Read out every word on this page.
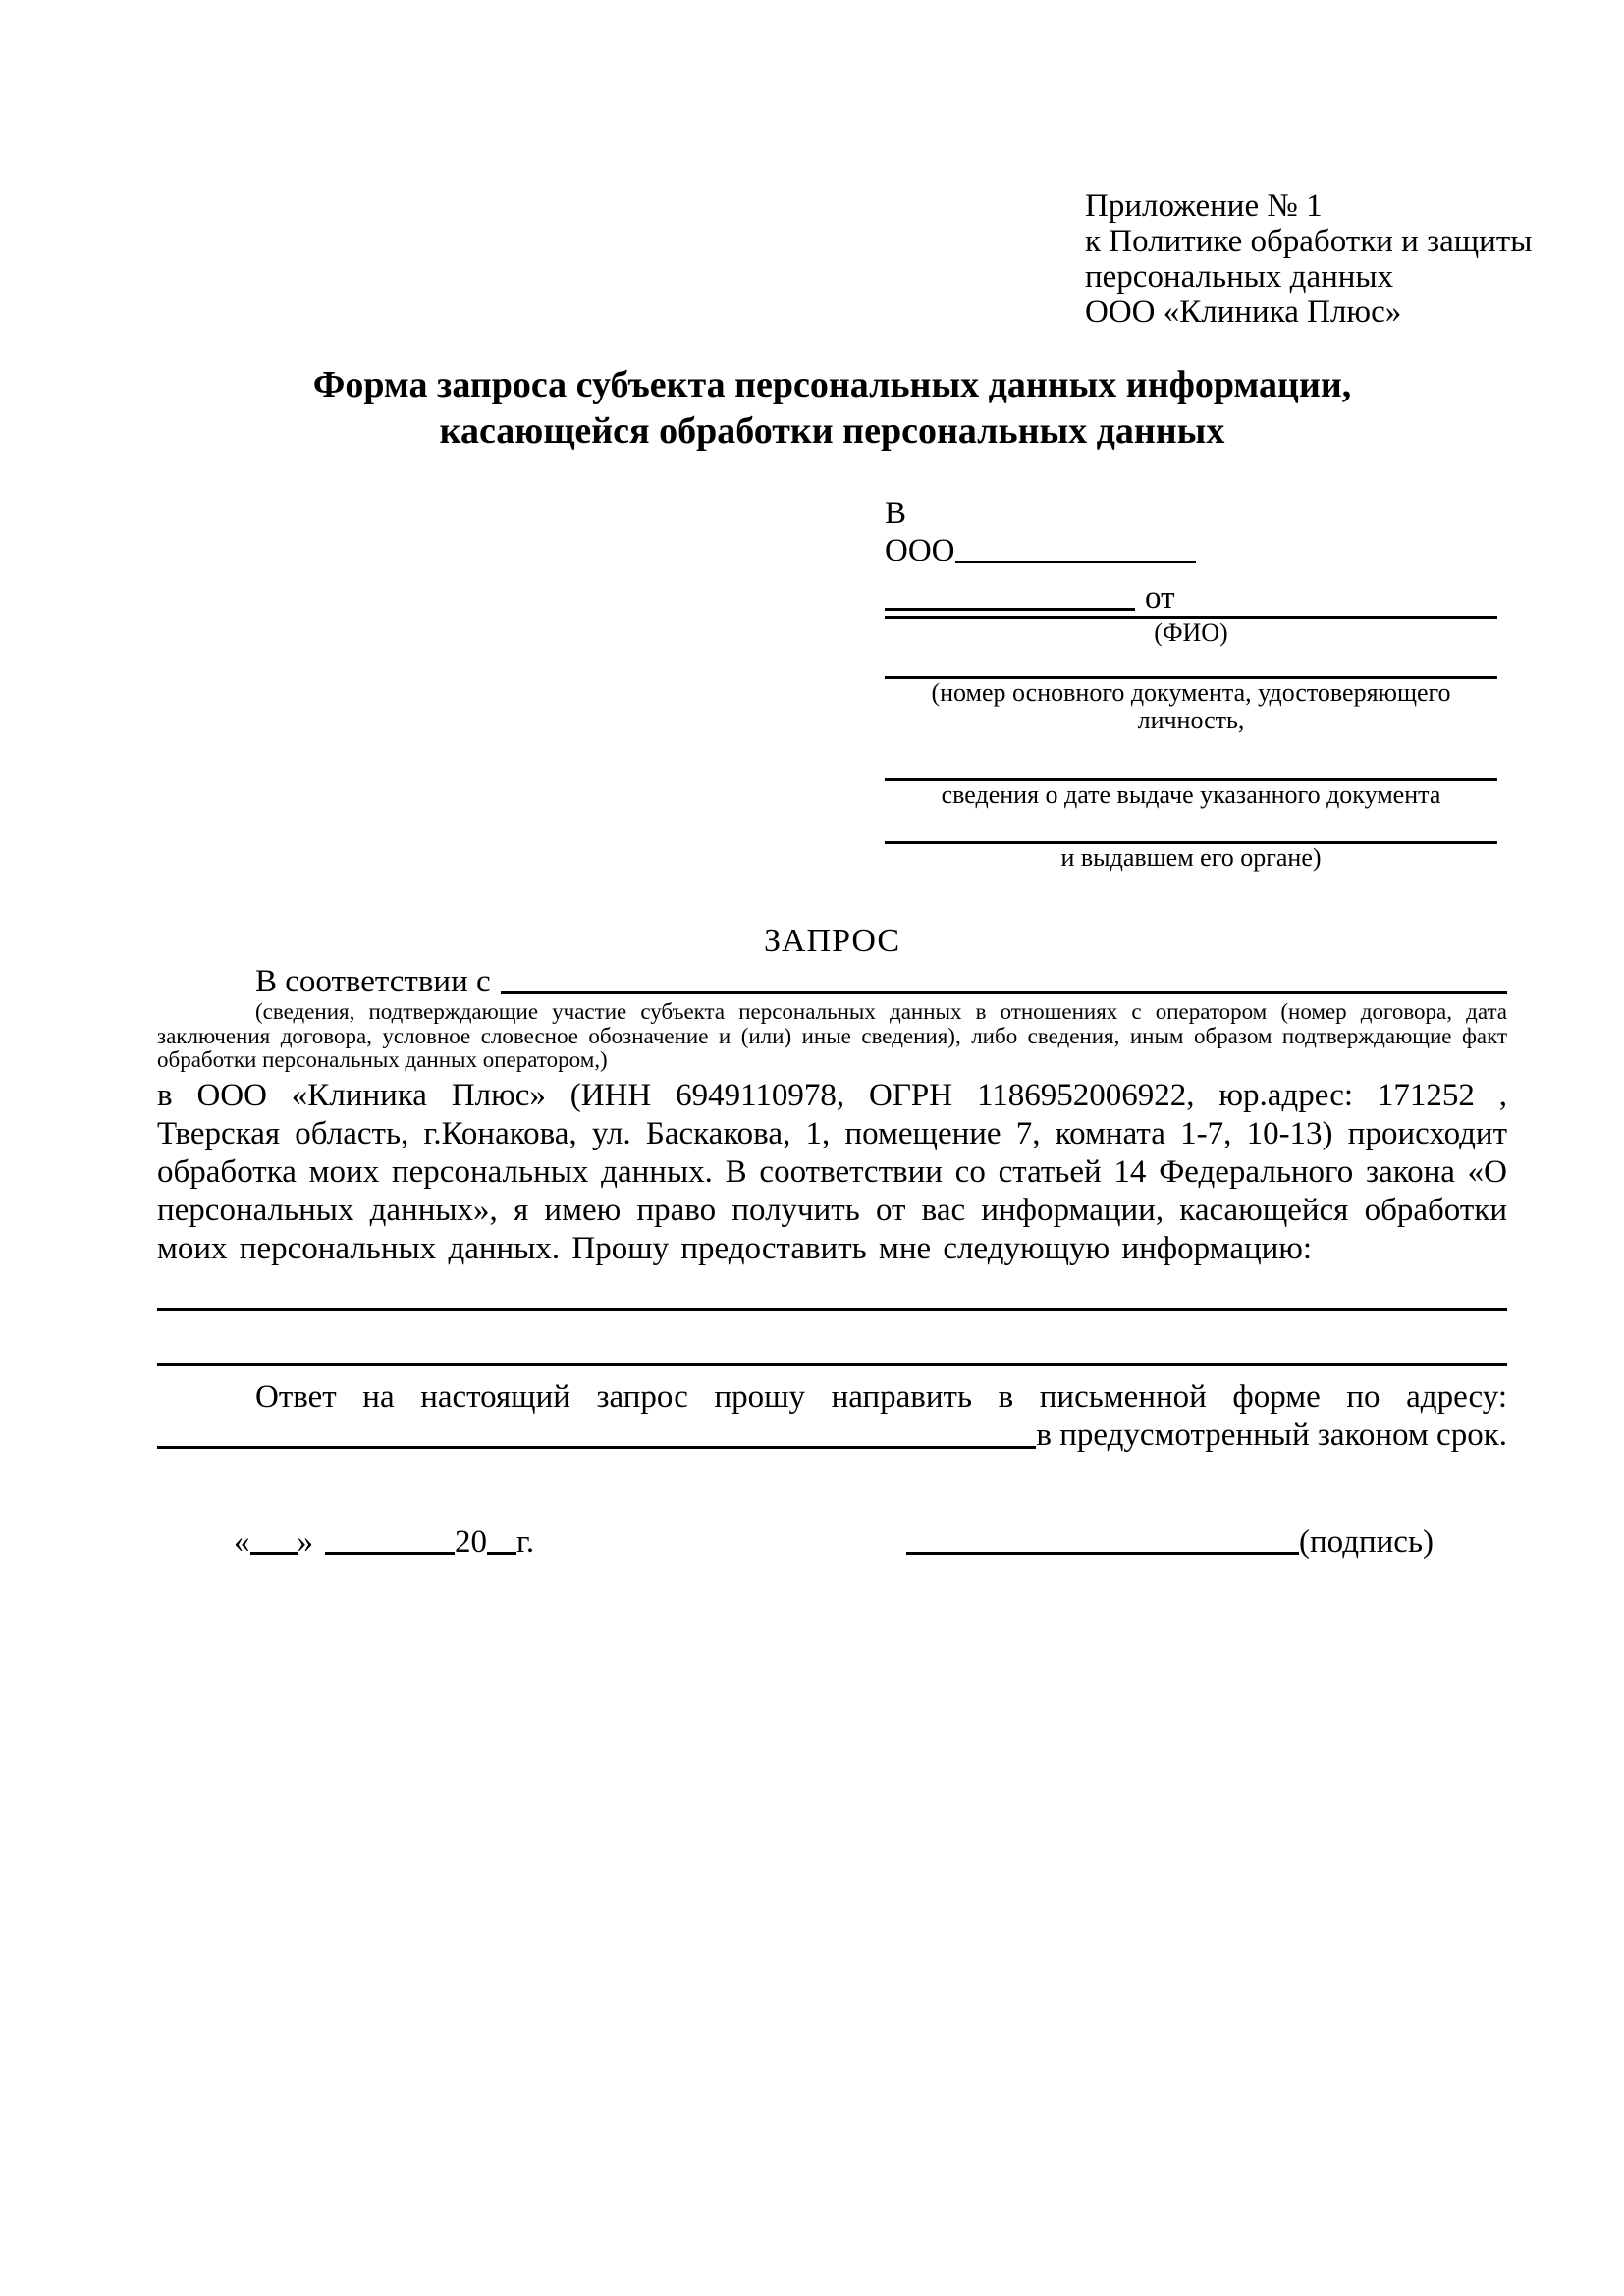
Приложение № 1
к Политике обработки и защиты
персональных данных
ООО «Клиника Плюс»
Форма запроса субъекта персональных данных информации,
касающейся обработки персональных данных
В
ООО
от
(ФИО)
(номер основного документа, удостоверяющего личность,
сведения о дате выдаче указанного документа
и выдавшем его органе)
ЗАПРОС
В соответствии с

(сведения, подтверждающие участие субъекта персональных данных в отношениях с оператором (номер договора, дата заключения договора, условное словесное обозначение и (или) иные сведения), либо сведения, иным образом подтверждающие факт обработки персональных данных оператором,)

в ООО «Клиника Плюс» (ИНН 6949110978, ОГРН 1186952006922, юр.адрес: 171252 , Тверская область, г.Конакова, ул. Баскакова, 1, помещение 7, комната 1-7, 10-13) происходит обработка моих персональных данных. В соответствии со статьей 14 Федерального закона «О персональных данных», я имею право получить от вас информации, касающейся обработки моих персональных данных. Прошу предоставить мне следующую информацию:

Ответ на настоящий запрос прошу направить в письменной форме по адресу:

в предусмотренный законом срок.
« »	20 г.	(подпись)
